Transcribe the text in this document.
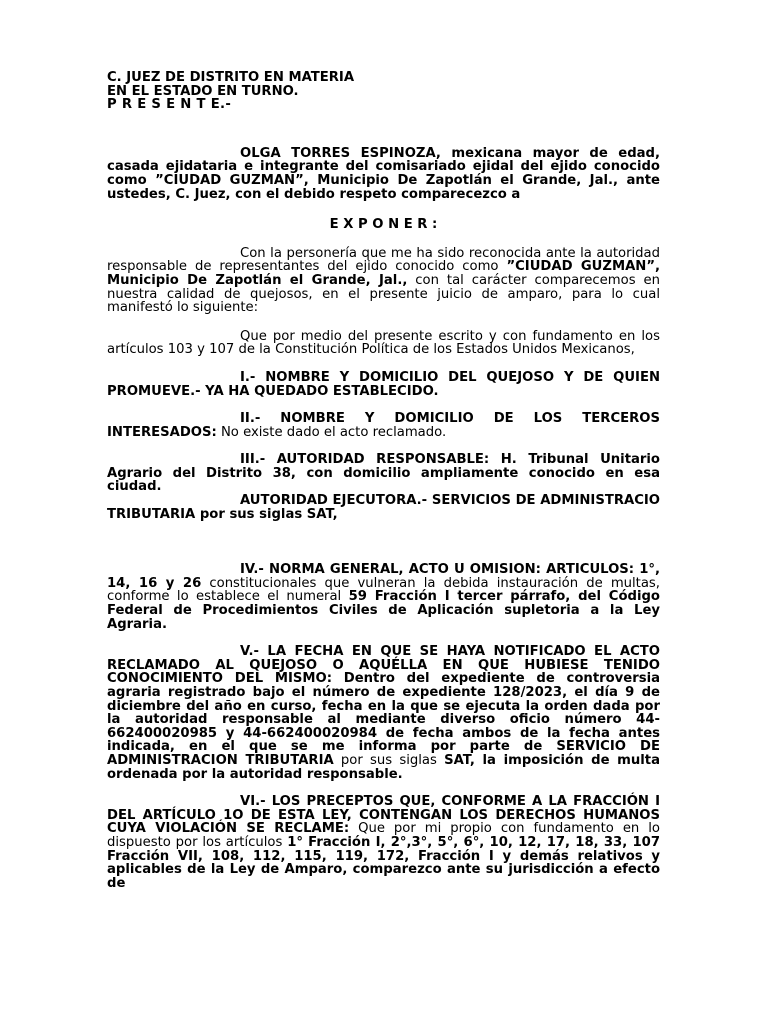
C. JUEZ DE DISTRITO EN MATERIA

EN EL ESTADO EN TURNO.

P R E S E N T E.-

OLGA TORRES ESPINOZA, mexicana mayor de edad, casada ejidataria e integrante del comisariado ejidal del ejido conocido como ”CIUDAD GUZMAN”, Municipio De Zapotlán el Grande, Jal., ante ustedes, C. Juez, con el debido respeto comparecezco a

E X P O N E R :

Con la personería que me ha sido reconocida ante la autoridad responsable de representantes del ejido conocido como ”CIUDAD GUZMAN”, Municipio De Zapotlán el Grande, Jal., con tal carácter comparecemos en nuestra calidad de quejosos, en el presente juicio de amparo, para lo cual manifestó lo siguiente:

Que por medio del presente escrito y con fundamento en los artículos 103 y 107 de la Constitución Política de los Estados Unidos Mexicanos,

I.- NOMBRE Y DOMICILIO DEL QUEJOSO Y DE QUIEN PROMUEVE.- YA HA QUEDADO ESTABLECIDO.

II.- NOMBRE Y DOMICILIO DE LOS TERCEROS INTERESADOS: No existe dado el acto reclamado.

III.- AUTORIDAD RESPONSABLE: H. Tribunal Unitario Agrario del Distrito 38, con domicilio ampliamente conocido en esa ciudad.

AUTORIDAD EJECUTORA.- SERVICIOS DE ADMINISTRACIO TRIBUTARIA por sus siglas SAT,

IV.- NORMA GENERAL, ACTO U OMISION: ARTICULOS: 1°, 14, 16 y 26 constitucionales que vulneran la debida instauración de multas, conforme lo establece el numeral 59 Fracción I tercer párrafo, del Código Federal de Procedimientos Civiles de Aplicación supletoria a la Ley Agraria.

V.- LA FECHA EN QUE SE HAYA NOTIFICADO EL ACTO RECLAMADO AL QUEJOSO O AQUÉLLA EN QUE HUBIESE TENIDO CONOCIMIENTO DEL MISMO: Dentro del expediente de controversia agraria registrado bajo el número de expediente 128/2023, el día 9 de diciembre del año en curso, fecha en la que se ejecuta la orden dada por la autoridad responsable al mediante diverso oficio número 44-662400020985 y 44-662400020984 de fecha ambos de la fecha antes indicada, en el que se me informa por parte de SERVICIO DE ADMINISTRACION TRIBUTARIA por sus siglas SAT, la imposición de multa ordenada por la autoridad responsable.

VI.- LOS PRECEPTOS QUE, CONFORME A LA FRACCIÓN I DEL ARTÍCULO 1O DE ESTA LEY, CONTENGAN LOS DERECHOS HUMANOS CUYA VIOLACIÓN SE RECLAME: Que por mi propio con fundamento en lo dispuesto por los artículos 1° Fracción I, 2°,3°, 5°, 6°, 10, 12, 17, 18, 33, 107 Fracción VII, 108, 112, 115, 119, 172, Fracción I y demás relativos y aplicables de la Ley de Amparo, comparezco ante su jurisdicción a efecto de
